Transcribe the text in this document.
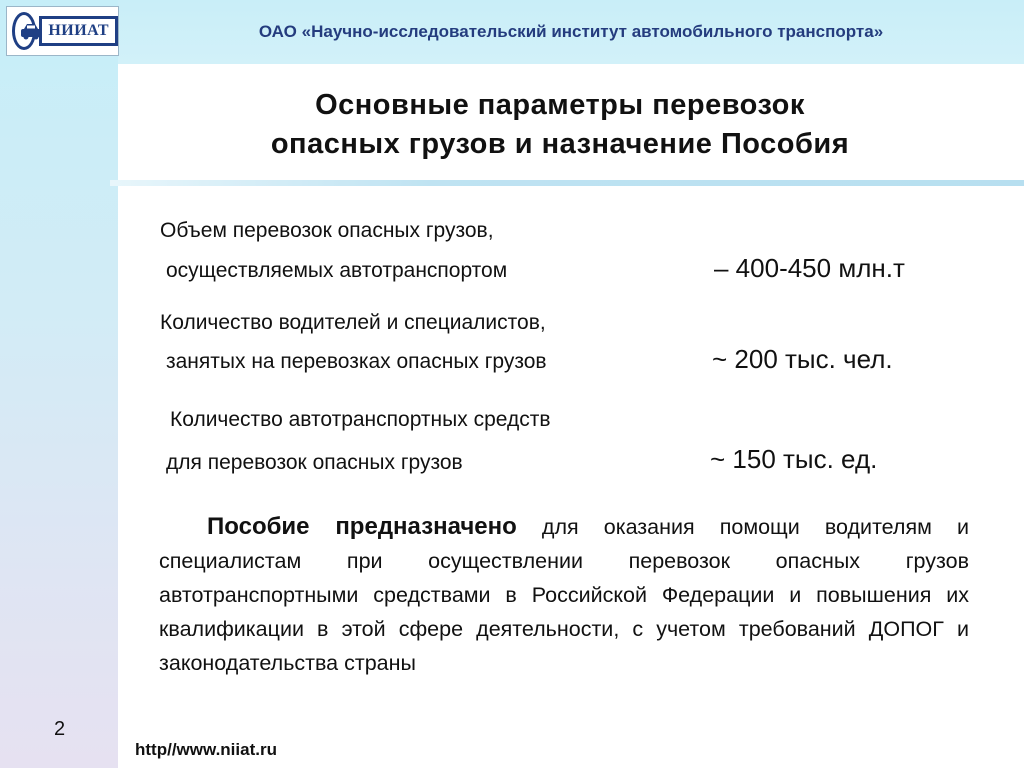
НИИАТ	ОАО «Научно-исследовательский институт автомобильного транспорта»
Основные параметры перевозок
опасных грузов и назначение Пособия
Объем перевозок опасных грузов,
осуществляемых автотранспортом	– 400-450 млн.т
Количество водителей и специалистов,
занятых на перевозках опасных грузов	~ 200 тыс. чел.
Количество автотранспортных средств
для перевозок опасных грузов	~ 150 тыс. ед.
Пособие предназначено для оказания помощи водителям и специалистам при осуществлении перевозок опасных грузов автотранспортными средствами в Российской Федерации и повышения их квалификации в этой сфере деятельности, с учетом требований ДОПОГ и законодательства страны
2
http//www.niiat.ru
